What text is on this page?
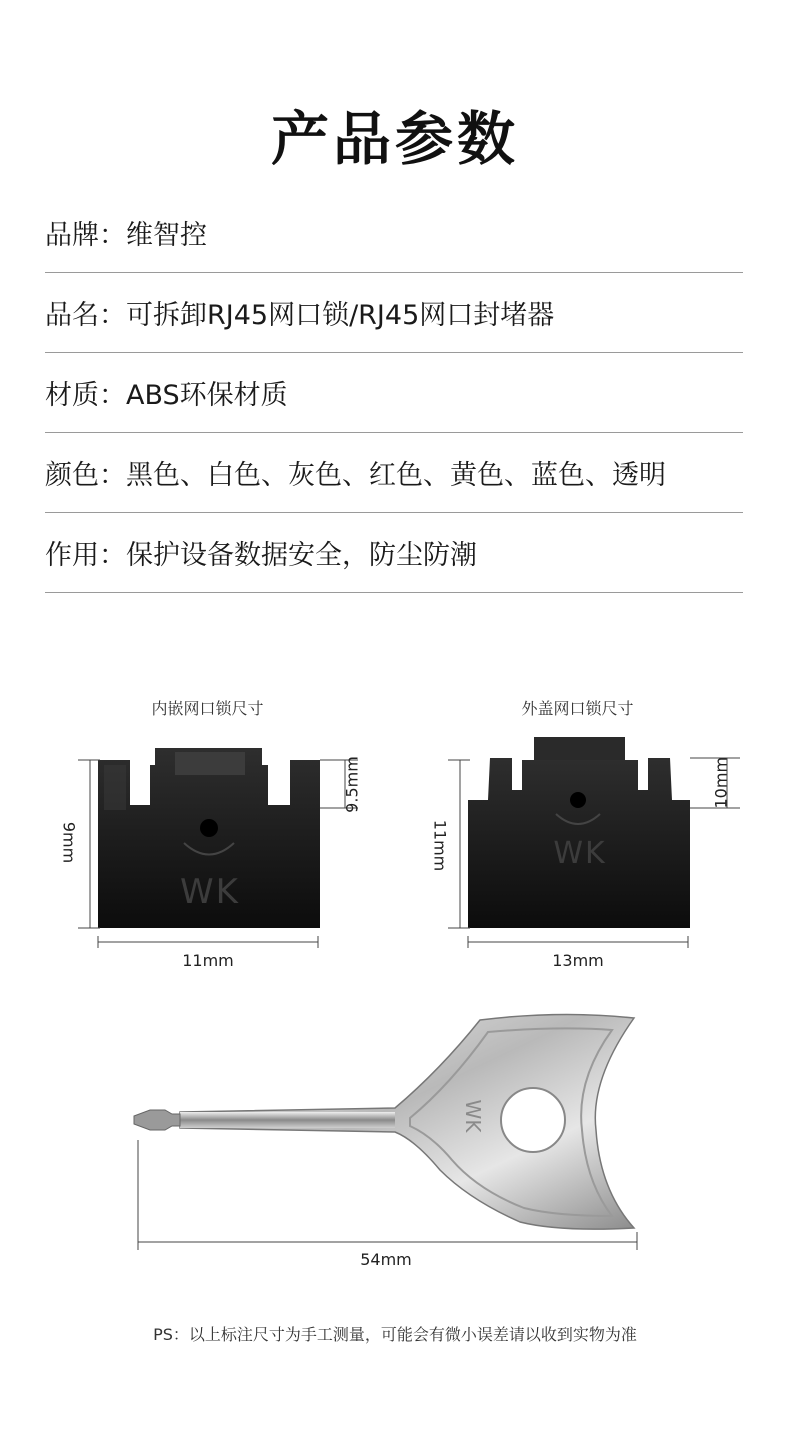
产品参数
品牌： 维智控
品名： 可拆卸RJ45网口锁/RJ45网口封堵器
材质： ABS环保材质
颜色： 黑色、白色、灰色、红色、黄色、蓝色、透明
作用： 保护设备数据安全，防尘防潮
内嵌网口锁尺寸	外盖网口锁尺寸
WK
WK
WK
9mm
9.5mm
11mm
11mm
10mm
13mm
54mm
PS：以上标注尺寸为手工测量，可能会有微小误差请以收到实物为准
